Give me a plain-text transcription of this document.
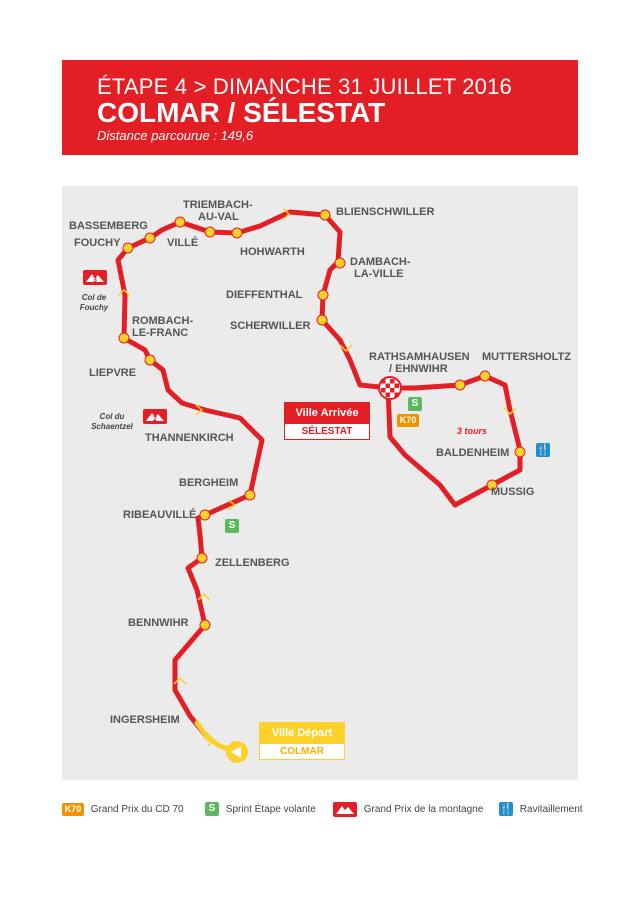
ÉTAPE 4 > DIMANCHE 31 JUILLET 2016
COLMAR / SÉLESTAT
Distance parcourue : 149,6
TRIEMBACH-
AU-VAL	BLIENSCHWILLER
BASSEMBERG
FOUCHY	VILLÉ
HOHWARTH
DAMBACH-
LA-VILLE
DIEFFENTHAL
SCHERWILLER
ROMBACH-
LE-FRANC
LIEPVRE
RATHSAMHAUSEN
/ EHNWIHR
MUTTERSHOLTZ
THANNENKIRCH
BALDENHEIM
MUSSIG
BERGHEIM
RIBEAUVILLÉ
ZELLENBERG
BENNWIHR
INGERSHEIM
3
Col de
Fouchy
2
Col du
Schaentzel
S
K70
S
🍴
3 tours
Ville Arrivée
SÉLESTAT
Ville Départ
COLMAR
K70 Grand Prix du CD 70	S Sprint Étape volante	Grand Prix de la montagne 🍴 Ravitaillement
